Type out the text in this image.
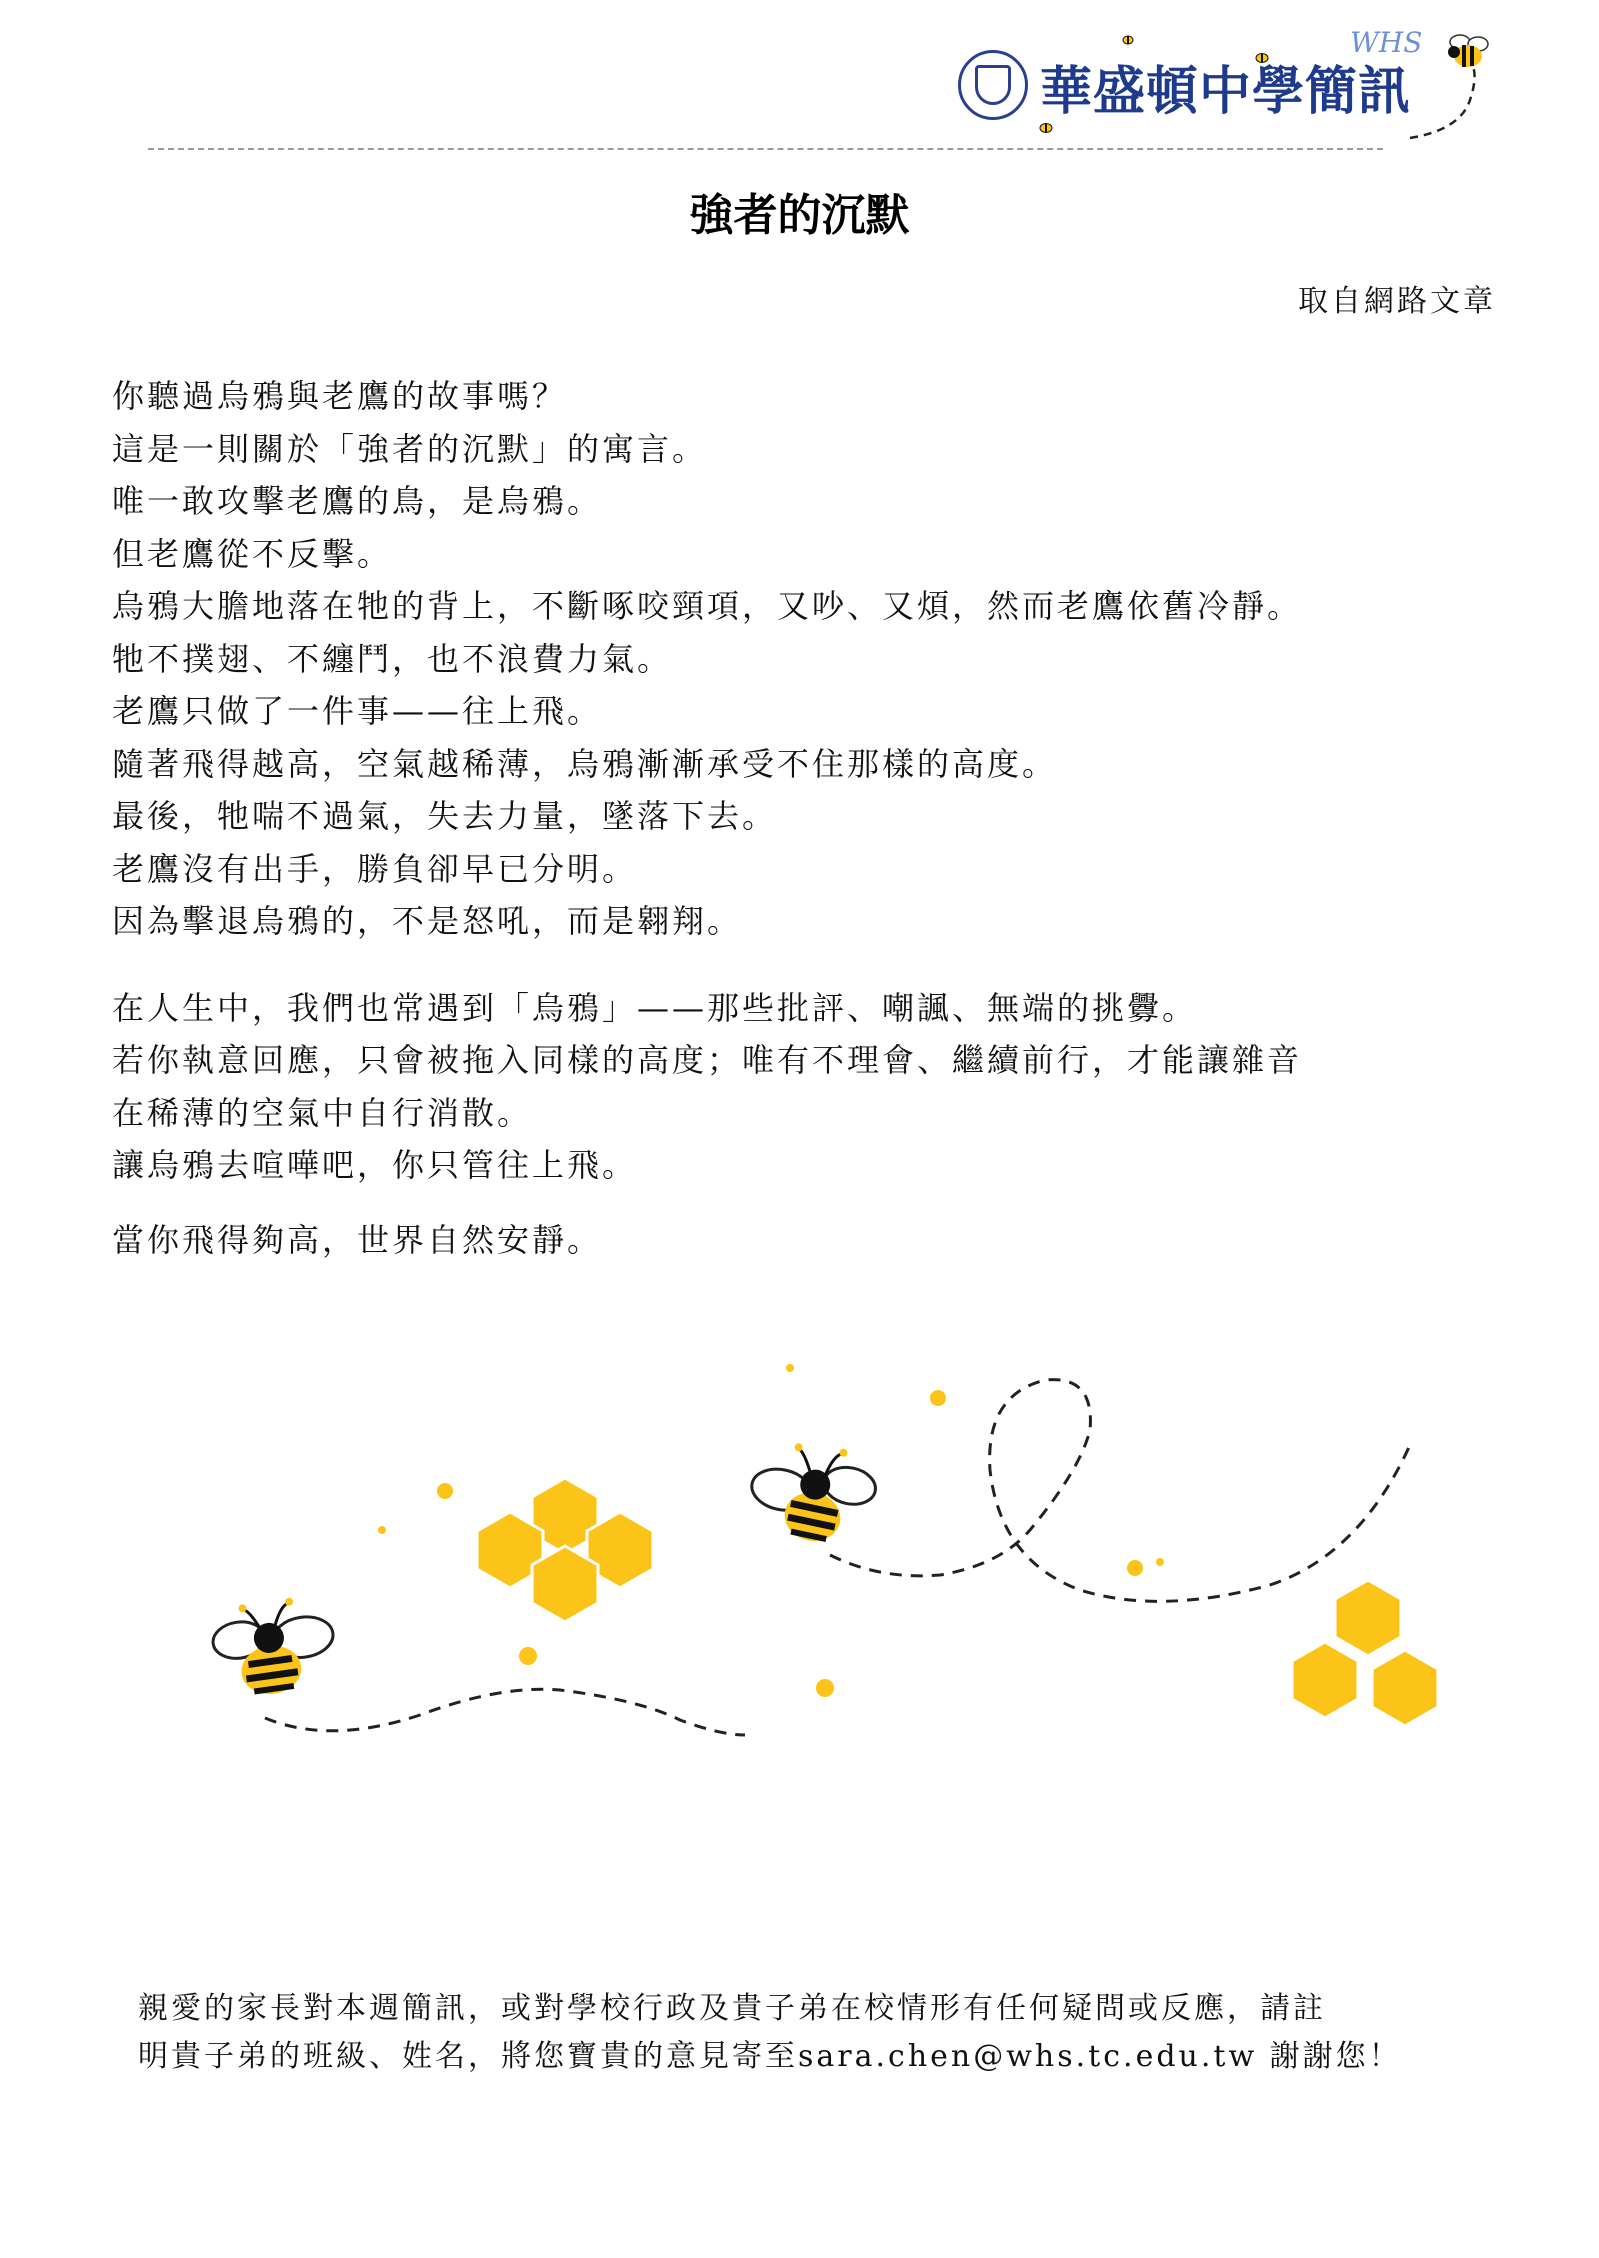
華盛頓中學簡訊
WHS
強者的沉默
取自網路文章
你聽過烏鴉與老鷹的故事嗎？
這是一則關於「強者的沉默」的寓言。
唯一敢攻擊老鷹的鳥，是烏鴉。
但老鷹從不反擊。
烏鴉大膽地落在牠的背上，不斷啄咬頸項，又吵、又煩，然而老鷹依舊冷靜。
牠不撲翅、不纏鬥，也不浪費力氣。
老鷹只做了一件事——往上飛。
隨著飛得越高，空氣越稀薄，烏鴉漸漸承受不住那樣的高度。
最後，牠喘不過氣，失去力量，墜落下去。
老鷹沒有出手，勝負卻早已分明。
因為擊退烏鴉的，不是怒吼，而是翱翔。
在人生中，我們也常遇到「烏鴉」——那些批評、嘲諷、無端的挑釁。
若你執意回應，只會被拖入同樣的高度；唯有不理會、繼續前行，才能讓雜音
在稀薄的空氣中自行消散。
讓烏鴉去喧嘩吧，你只管往上飛。
當你飛得夠高，世界自然安靜。
親愛的家長對本週簡訊，或對學校行政及貴子弟在校情形有任何疑問或反應，請註
明貴子弟的班級、姓名，將您寶貴的意見寄至sara.chen@whs.tc.edu.tw 謝謝您！
